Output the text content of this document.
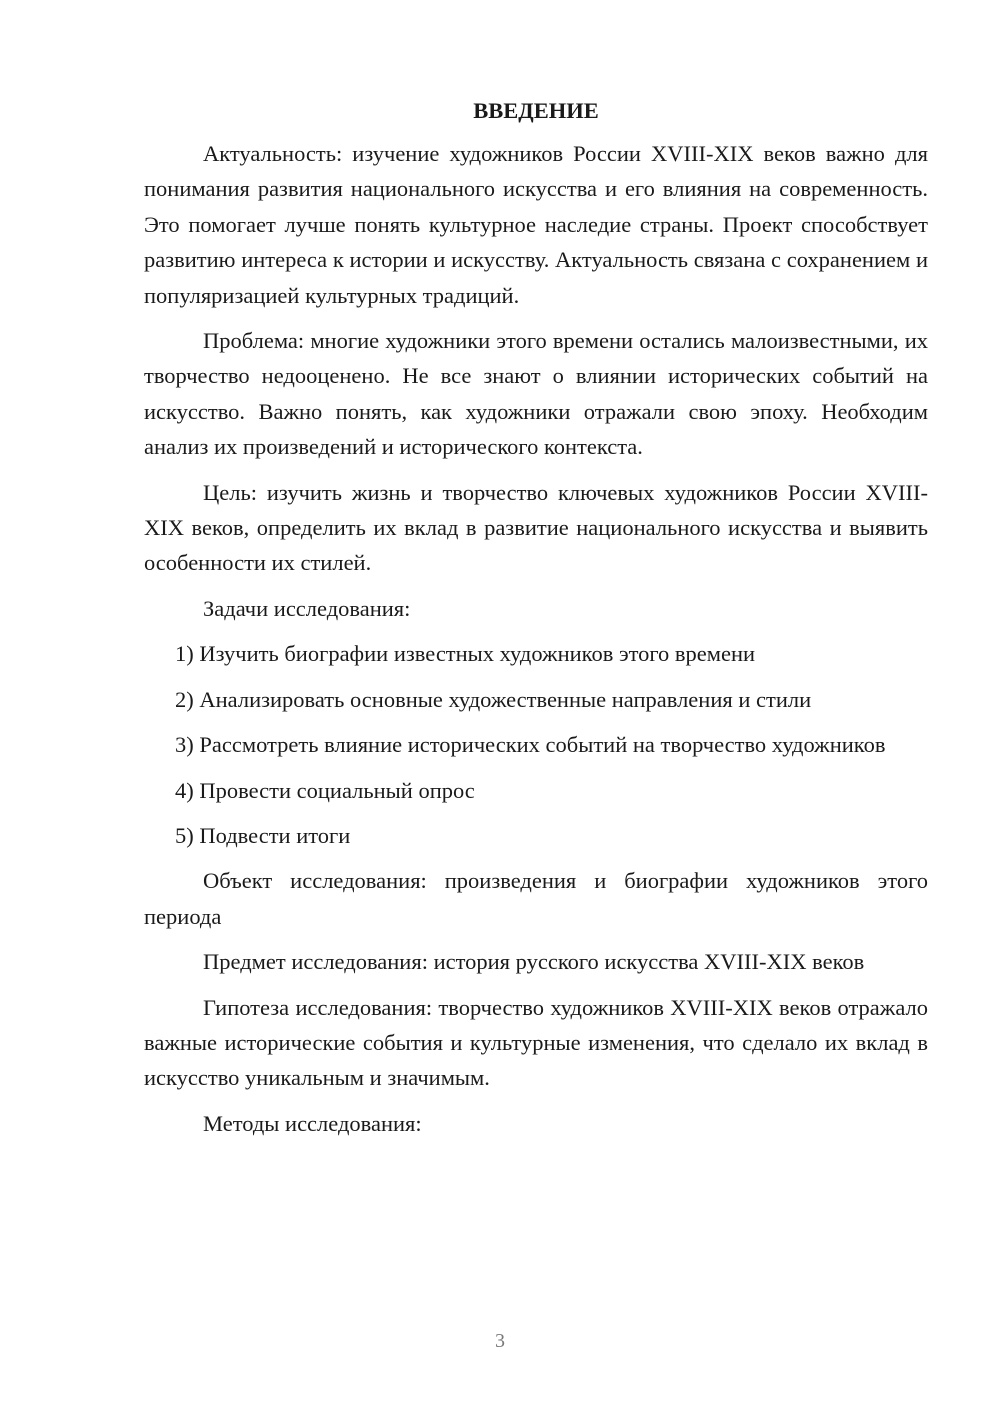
ВВЕДЕНИЕ

Актуальность: изучение художников России XVIII-XIX веков важно для понимания развития национального искусства и его влияния на современность. Это помогает лучше понять культурное наследие страны. Проект способствует развитию интереса к истории и искусству. Актуальность связана с сохранением и популяризацией культурных традиций.

Проблема: многие художники этого времени остались малоизвестными, их творчество недооценено. Не все знают о влиянии исторических событий на искусство. Важно понять, как художники отражали свою эпоху. Необходим анализ их произведений и исторического контекста.

Цель: изучить жизнь и творчество ключевых художников России XVIII-XIX веков, определить их вклад в развитие национального искусства и выявить особенности их стилей.

Задачи исследования:

1) Изучить биографии известных художников этого времени

2) Анализировать основные художественные направления и стили

3) Рассмотреть влияние исторических событий на творчество художников

4) Провести социальный опрос

5) Подвести итоги

Объект исследования: произведения и биографии художников этого периода

Предмет исследования: история русского искусства XVIII-XIX веков

Гипотеза исследования: творчество художников XVIII-XIX веков отражало важные исторические события и культурные изменения, что сделало их вклад в искусство уникальным и значимым.

Методы исследования:

3
